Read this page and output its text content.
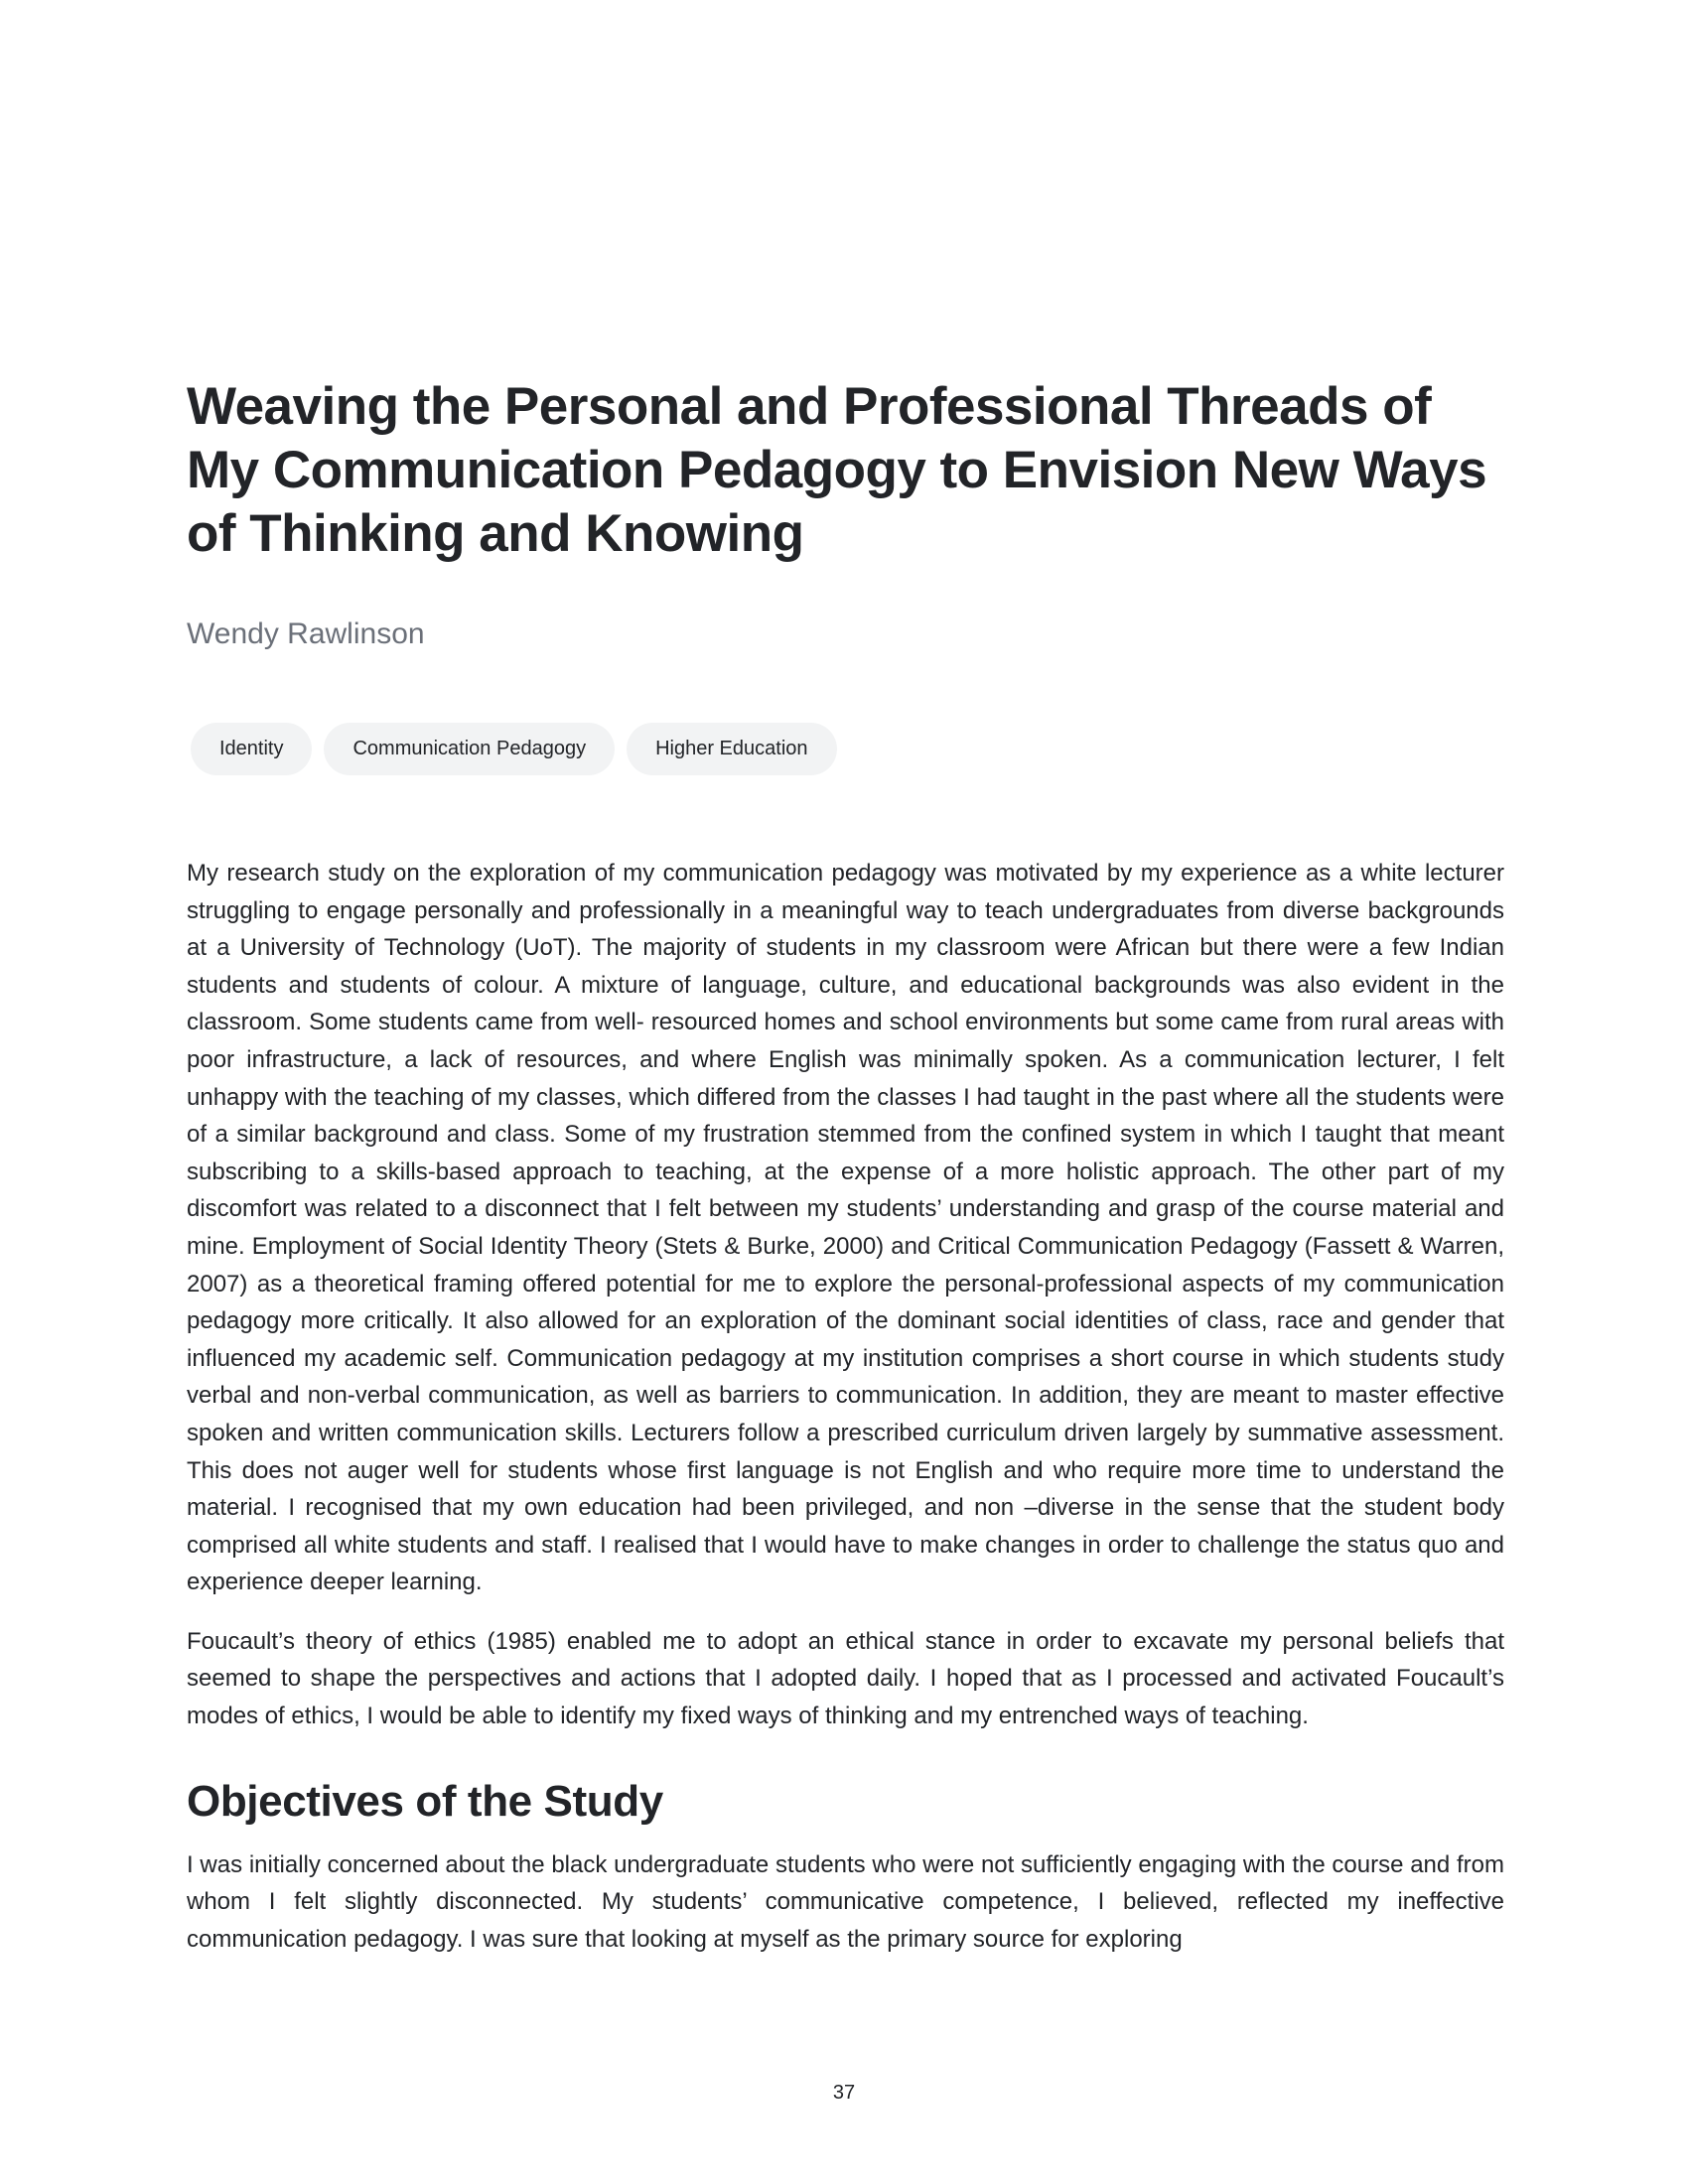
Weaving the Personal and Professional Threads of My Communication Pedagogy to Envision New Ways of Thinking and Knowing
Wendy Rawlinson
Identity	Communication Pedagogy	Higher Education

My research study on the exploration of my communication pedagogy was motivated by my experience as a white lecturer struggling to engage personally and professionally in a meaningful way to teach undergraduates from diverse backgrounds at a University of Technology (UoT). The majority of students in my classroom were African but there were a few Indian students and students of colour. A mixture of language, culture, and educational backgrounds was also evident in the classroom. Some students came from well- resourced homes and school environments but some came from rural areas with poor infrastructure, a lack of resources, and where English was minimally spoken. As a communication lecturer, I felt unhappy with the teaching of my classes, which differed from the classes I had taught in the past where all the students were of a similar background and class. Some of my frustration stemmed from the confined system in which I taught that meant subscribing to a skills-based approach to teaching, at the expense of a more holistic approach. The other part of my discomfort was related to a disconnect that I felt between my students’ understanding and grasp of the course material and mine. Employment of Social Identity Theory (Stets & Burke, 2000) and Critical Communication Pedagogy (Fassett & Warren, 2007) as a theoretical framing offered potential for me to explore the personal-professional aspects of my communication pedagogy more critically. It also allowed for an exploration of the dominant social identities of class, race and gender that influenced my academic self. Communication pedagogy at my institution comprises a short course in which students study verbal and non-verbal communication, as well as barriers to communication. In addition, they are meant to master effective spoken and written communication skills. Lecturers follow a prescribed curriculum driven largely by summative assessment. This does not auger well for students whose first language is not English and who require more time to understand the material. I recognised that my own education had been privileged, and non –diverse in the sense that the student body comprised all white students and staff. I realised that I would have to make changes in order to challenge the status quo and experience deeper learning.

Foucault’s theory of ethics (1985) enabled me to adopt an ethical stance in order to excavate my personal beliefs that seemed to shape the perspectives and actions that I adopted daily. I hoped that as I processed and activated Foucault’s modes of ethics, I would be able to identify my fixed ways of thinking and my entrenched ways of teaching.

Objectives of the Study

I was initially concerned about the black undergraduate students who were not sufficiently engaging with the course and from whom I felt slightly disconnected. My students’ communicative competence, I believed, reflected my ineffective communication pedagogy. I was sure that looking at myself as the primary source for exploring

37
